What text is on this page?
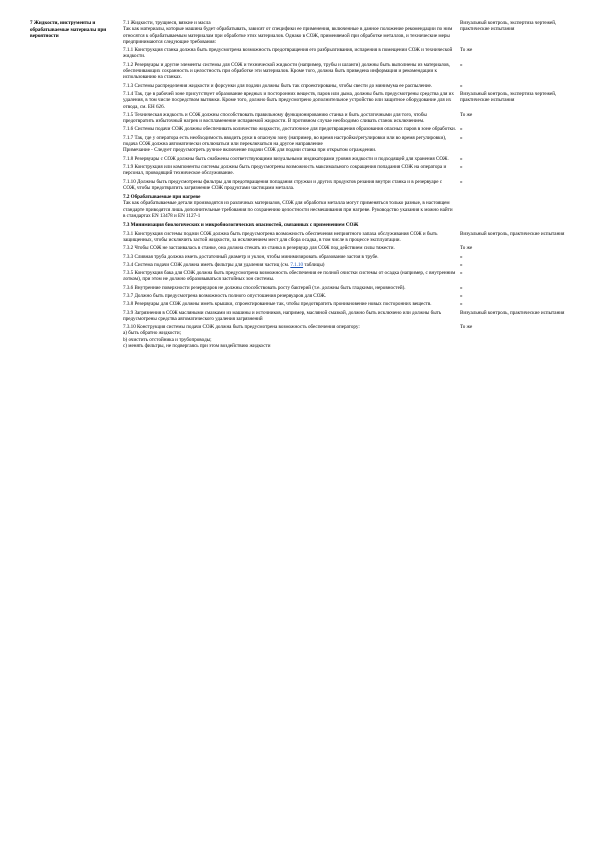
7 Жидкости, инструменты и обрабатываемые материалы при вероятности
7.1 Жидкости, трущиеся, вязкие и масла
Так как материалы, которые машина будет обрабатывать, зависят от специфики ее применения, включенные в данное положение рекомендации по ним относятся к обрабатываемым материалам при обработке этих материалов. Однако в СОЖ, применяемой при обработке металлов, и технические меры предпринимаются следующие требования:
7.1.1 Конструкция станка должна быть предусмотрена возможность предотвращения его разбрызгивания, испарения в помещении СОЖ и технической жидкости.
7.1.2 Резервуары и другие элементы системы для СОЖ и технической жидкости (например, трубы и шланги) должны быть выполнены из материалов, обеспечивающих сохранность и целостность при обработке эти материалов. Кроме того, должна быть приведена информация и рекомендации к использованию на станках.
7.1.3 Системы распределения жидкости и форсунки для подачи должны быть так спроектированы, чтобы свести до минимума ее распыление.
7.1.4 Так, где в рабочей зоне присутствует образование вредных и посторонних веществ, паров или дыма, должны быть предусмотрены средства для их удаления, в том числе посредством вытяжки. Кроме того, должно быть предусмотрено дополнительное устройство или защитное оборудование для их отвода, см. ЕН 626.
7.1.5 Техническая жидкость и СОЖ должны способствовать правильному функционированию станка и быть достаточными для того, чтобы предотвратить избыточный нагрев и воспламенение испаряемой жидкости. В противном случае необходимо сливать станок исключением.
7.1.6 Системы подачи СОЖ должны обеспечивать количество жидкости, достаточное для предотвращения образования опасных паров в зоне обработки.
7.1.7 Так, где у оператора есть необходимость вводить руки в опасную зону (например, во время настройки/регулировки или во время регулировки), подача СОЖ должна автоматически отключаться или переключаться на другое направление
Примечание - Следует предусмотреть ручное включение подачи СОЖ для подачи станка при открытом ограждении.
7.1.8 Резервуары с СОЖ должны быть снабжены соответствующими визуальными индикаторами уровня жидкости и подходящей для хранения СОЖ.
7.1.9 Конструкция или компоненты системы должны быть предусмотрены возможность максимального сокращения попадания СОЖ на оператора и персонал, проводящий техническое обслуживание.
7.1.10 Должны быть предусмотрены фильтры для предотвращения попадания стружки и других продуктов резания внутри станка и в резервуаре с СОЖ, чтобы предотвратить загрязнение СОЖ продуктами частицами металла.
7.2 Обрабатываемые при нагреве
Так как обрабатываемые детали производятся из различных материалов, СОЖ для обработки металла могут применяться только разные, в настоящем стандарте приводятся лишь дополнительные требования по сохранению целостности несмешивания при нагреве. Руководство указания к можно найти в стандартах EN 13478 и EN 1127-1
7.3 Минимизация биологических и микробиологических опасностей, связанных с применением СОЖ
7.3.1 Конструкция системы подачи СОЖ должна быть предусмотрена возможность обеспечения неприятного запаха обслуживания СОЖ и быть защищенных, чтобы исключить застой жидкости, за исключением мест для сбора осадка, в том числе в процессе эксплуатации.
7.3.2 Чтобы СОЖ не застаивалась в станке, она должна стекать из станка в резервуар для СОЖ под действием силы тяжести.
7.3.3 Сливная труба должна иметь достаточный диаметр и уклон, чтобы минимизировать образование застоя в трубе.
7.3.4 Система подачи СОЖ должна иметь фильтры для удаления частиц (см. 7.1.10 таблицы)
7.3.5 Конструкция бака для СОЖ должна быть предусмотрена возможность обеспечения ее полной очистки системы от осадка (например, с внутренним лотком), при этом не должно образовываться застойных зон системы.
7.3.6 Внутренние поверхности резервуаров не должны способствовать росту бактерий (т.е. должны быть гладкими, неровностей).
7.3.7 Должно быть предусмотрена возможность полного опустошения резервуаров для СОЖ.
7.3.8 Резервуары для СОЖ должны иметь крышки, спроектированные так, чтобы предотвратить проникновение новых посторонних веществ.
7.3.9 Загрязнения в СОЖ масляными смазками из машины и источников, например, масляной смазкой, должно быть исключено или должны быть предусмотрены средства автоматического удаления загрязнений
7.3.10 Конструкция системы подачи СОЖ должна быть предусмотрена возможность обеспечения оператору:
a) быть обратно жидкости;
b) очистить отстойника и трубопроводы;
c) менять фильтры, не подвергаясь при этом воздействию жидкости
Визуальный контроль, экспертиза чертежей, практические испытания
То же
»
»
Визуальный контроль, экспертиза чертежей, практические испытания
То же
»
»
»
»
»
Визуальный контроль, практические испытания
То же
»
»
»
»
»
»
Визуальный контроль, практические испытания
То же
